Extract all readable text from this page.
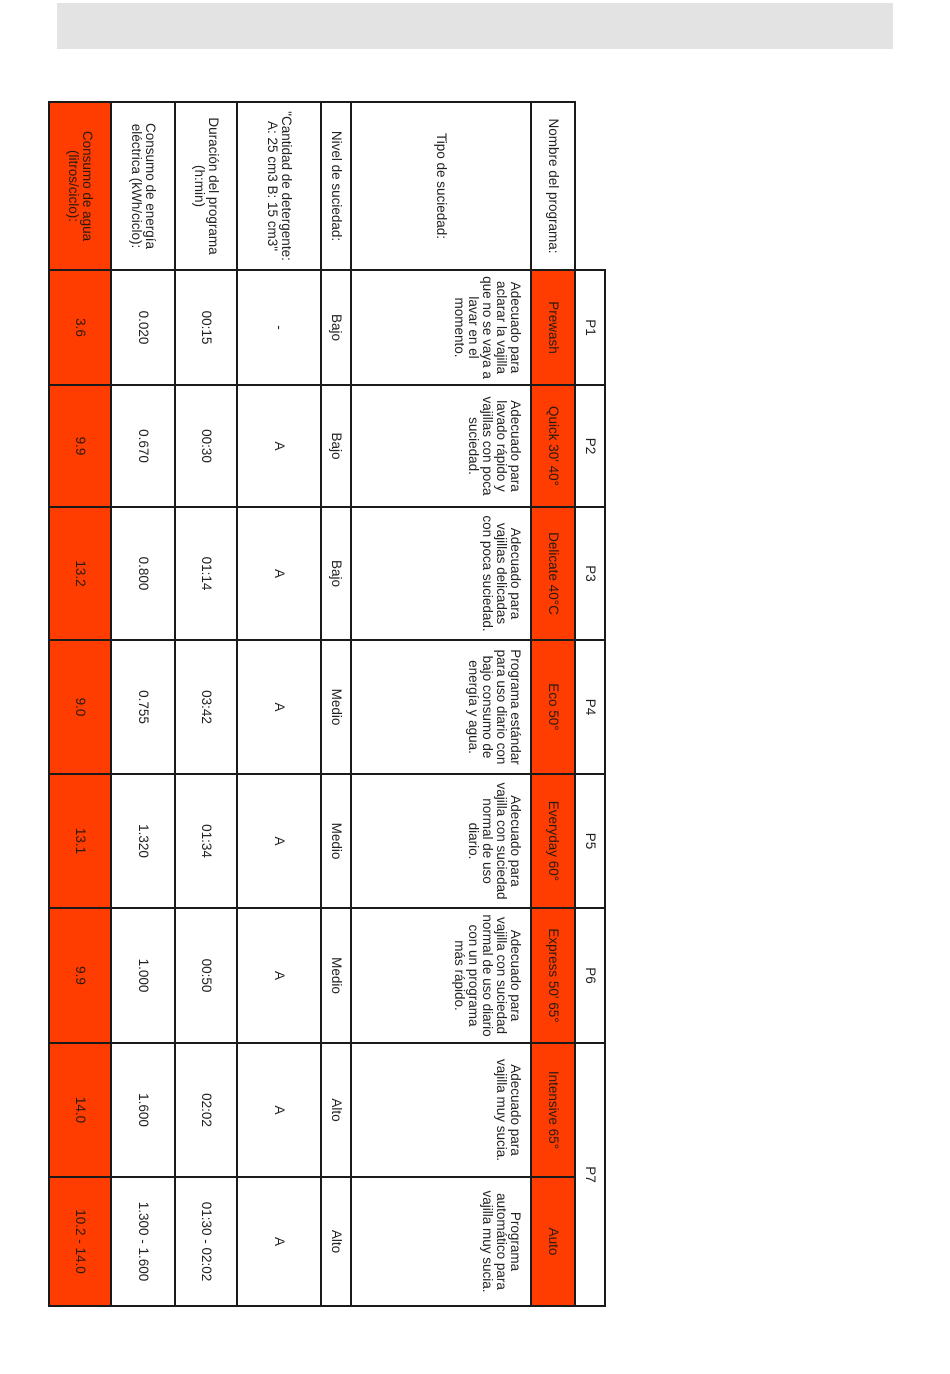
	P1	P2	P3	P4	P5	P6	P7	
Nombre del programa:	Prewash	Quick 30' 40°	Delicate 40°C	Eco 50°	Everyday 60°	Express 50' 65°	Intensive 65°	Auto
Tipo de suciedad:	Adecuado para aclarar la vajilla que no se vaya a lavar en el momento.	Adecuado para lavado rápido y vajillas con poca suciedad.	Adecuado para vajillas delicadas con poca suciedad.	Programa estándar para uso diario con bajo consumo de energía y agua.	Adecuado para vajilla con suciedad normal de uso diario.	Adecuado para vajilla con suciedad normal de uso diario con un programa más rápido.	Adecuado para vajilla muy sucia.	Programa automático para vajilla muy sucia.
Nivel de suciedad:	Bajo	Bajo	Bajo	Medio	Medio	Medio	Alto	Alto
"Cantidad de detergente: A: 25 cm3 B: 15 cm3"	-	A	A	A	A	A	A	A
Duración del programa (h:min)	00:15	00:30	01:14	03:42	01:34	00:50	02:02	01:30 - 02:02
Consumo de energía eléctrica (kWh/ciclo):	0.020	0.670	0.800	0.755	1.320	1.000	1.600	1.300 - 1.600
Consumo de agua (litros/ciclo):	3.6	9.9	13.2	9.0	13.1	9.9	14.0	10.2 - 14.0
